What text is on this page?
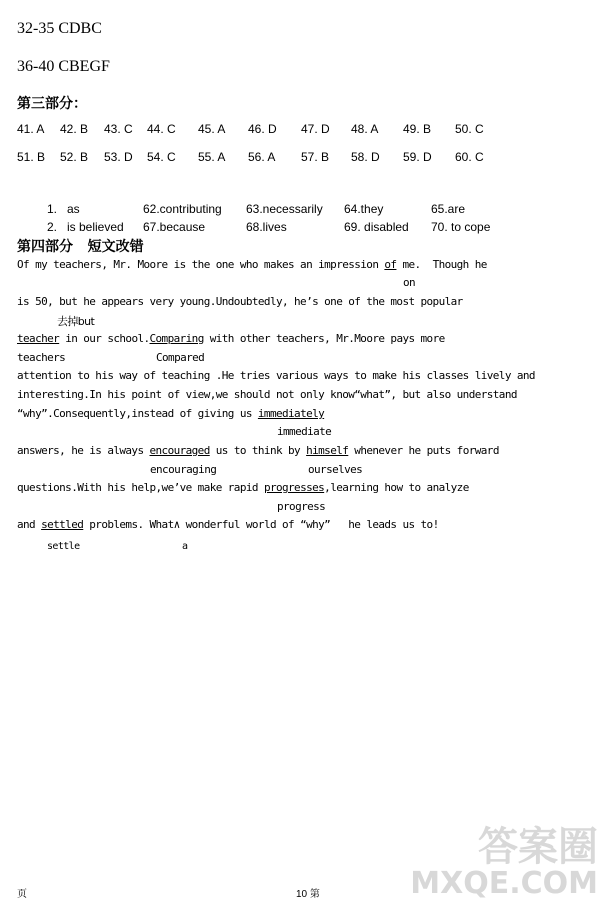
32-35 CDBC
36-40 CBEGF
第三部分：
41. A 42. B 43. C 44. C 45. A 46. D 47. D 48. A 49. B 50. C
51. B 52. B 53. D 54. C 55. A 56. A 57. B 58. D 59. D 60. C
1. as	62.contributing 63.necessarily 64.they	65.are
2. is believed 67.because	68.lives	69. disabled 70. to cope
第四部分   短文改错
Of my teachers, Mr. Moore is the one who makes an impression of me.  Though he
on
is 50, but he appears very young.Undoubtedly, he’s one of the most popular
去掉but
teacher in our school.Comparing with other teachers, Mr.Moore pays more
teachers	Compared
attention to his way of teaching .He tries various ways to make his classes lively and
interesting.In his point of view,we should not only know“what”, but also understand
“why”.Consequently,instead of giving us immediately
immediate
answers, he is always encouraged us to think by himself whenever he puts forward
encouraging	ourselves
questions.With his help,we’ve make rapid progresses,learning how to analyze
progress
and settled problems. What∧ wonderful world of “why”   he leads us to!
settle	a
答案圈
MXQE.COM
页	10 第
